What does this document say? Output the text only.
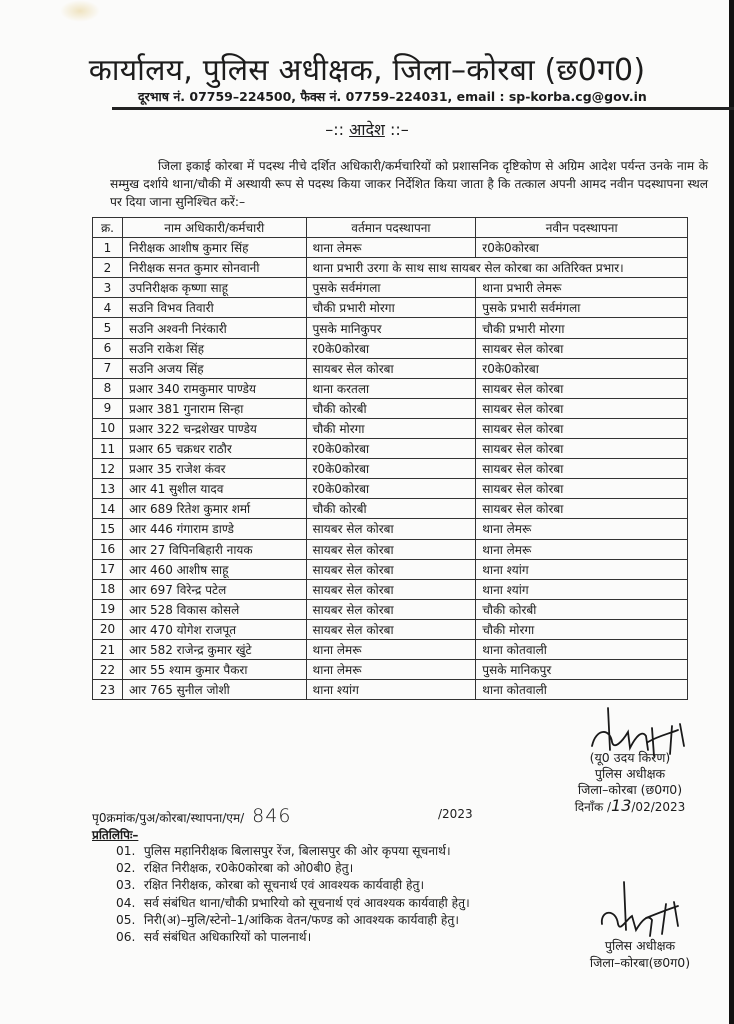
कार्यालय, पुलिस अधीक्षक, जिला–कोरबा (छ0ग0)
दूरभाष नं. 07759–224500, फैक्स नं. 07759–224031, email : sp-korba.cg@gov.in
–:: आदेश ::–
जिला इकाई कोरबा में पदस्थ नीचे दर्शित अधिकारी/कर्मचारियों को प्रशासनिक दृष्टिकोण से अग्रिम आदेश पर्यन्त उनके नाम के सम्मुख दर्शाये थाना/चौकी में अस्थायी रूप से पदस्थ किया जाकर निर्देशित किया जाता है कि तत्काल अपनी आमद नवीन पदस्थापना स्थल पर दिया जाना सुनिश्चित करें:–
क्र.	नाम अधिकारी/कर्मचारी	वर्तमान पदस्थापना	नवीन पदस्थापना
1	निरीक्षक आशीष कुमार सिंह	थाना लेमरू	र0के0कोरबा
2	निरीक्षक सनत कुमार सोनवानी	थाना प्रभारी उरगा के साथ साथ सायबर सेल कोरबा का अतिरिक्त प्रभार।	
3	उपनिरीक्षक कृष्णा साहू	पुसके सर्वमंगला	थाना प्रभारी लेमरू
4	सउनि विभव तिवारी	चौकी प्रभारी मोरगा	पुसके प्रभारी सर्वमंगला
5	सउनि अश्वनी निरंकारी	पुसके मानिकुपर	चौकी प्रभारी मोरगा
6	सउनि राकेश सिंह	र0के0कोरबा	सायबर सेल कोरबा
7	सउनि अजय सिंह	सायबर सेल कोरबा	र0के0कोरबा
8	प्रआर 340 रामकुमार पाण्डेय	थाना करतला	सायबर सेल कोरबा
9	प्रआर 381 गुनाराम सिन्हा	चौकी कोरबी	सायबर सेल कोरबा
10	प्रआर 322 चन्द्रशेखर पाण्डेय	चौकी मोरगा	सायबर सेल कोरबा
11	प्रआर 65 चक्रधर राठौर	र0के0कोरबा	सायबर सेल कोरबा
12	प्रआर 35 राजेश कंवर	र0के0कोरबा	सायबर सेल कोरबा
13	आर 41 सुशील यादव	र0के0कोरबा	सायबर सेल कोरबा
14	आर 689 रितेश कुमार शर्मा	चौकी कोरबी	सायबर सेल कोरबा
15	आर 446 गंगाराम डाण्डे	सायबर सेल कोरबा	थाना लेमरू
16	आर 27 विपिनबिहारी नायक	सायबर सेल कोरबा	थाना लेमरू
17	आर 460 आशीष साहू	सायबर सेल कोरबा	थाना श्यांग
18	आर 697 विरेन्द्र पटेल	सायबर सेल कोरबा	थाना श्यांग
19	आर 528 विकास कोसले	सायबर सेल कोरबा	चौकी कोरबी
20	आर 470 योगेश राजपूत	सायबर सेल कोरबा	चौकी मोरगा
21	आर 582 राजेन्द्र कुमार खुंटे	थाना लेमरू	थाना कोतवाली
22	आर 55 श्याम कुमार पैकरा	थाना लेमरू	पुसके मानिकपुर
23	आर 765 सुनील जोशी	थाना श्यांग	थाना कोतवाली
(यू0 उदय किरण)
पुलिस अधीक्षक
जिला–कोरबा (छ0ग0)
दिनाँक /13/02/2023
पृ0क्रमांक/पुअ/कोरबा/स्थापना/एम/ 846	/2023
प्रतिलिपिः–
01. पुलिस महानिरीक्षक बिलासपुर रेंज, बिलासपुर की ओर कृपया सूचनार्थ।
02. रक्षित निरीक्षक, र0के0कोरबा को ओ0बी0 हेतु।
03. रक्षित निरीक्षक, कोरबा को सूचनार्थ एवं आवश्यक कार्यवाही हेतु।
04. सर्व संबंधित थाना/चौकी प्रभारियो को सूचनार्थ एवं आवश्यक कार्यवाही हेतु।
05. निरी(अ)–मुलि/स्टेनो–1/आंकिक वेतन/फण्ड को आवश्यक कार्यवाही हेतु।
06. सर्व संबंधित अधिकारियों को पालनार्थ।
पुलिस अधीक्षक
जिला–कोरबा(छ0ग0)
